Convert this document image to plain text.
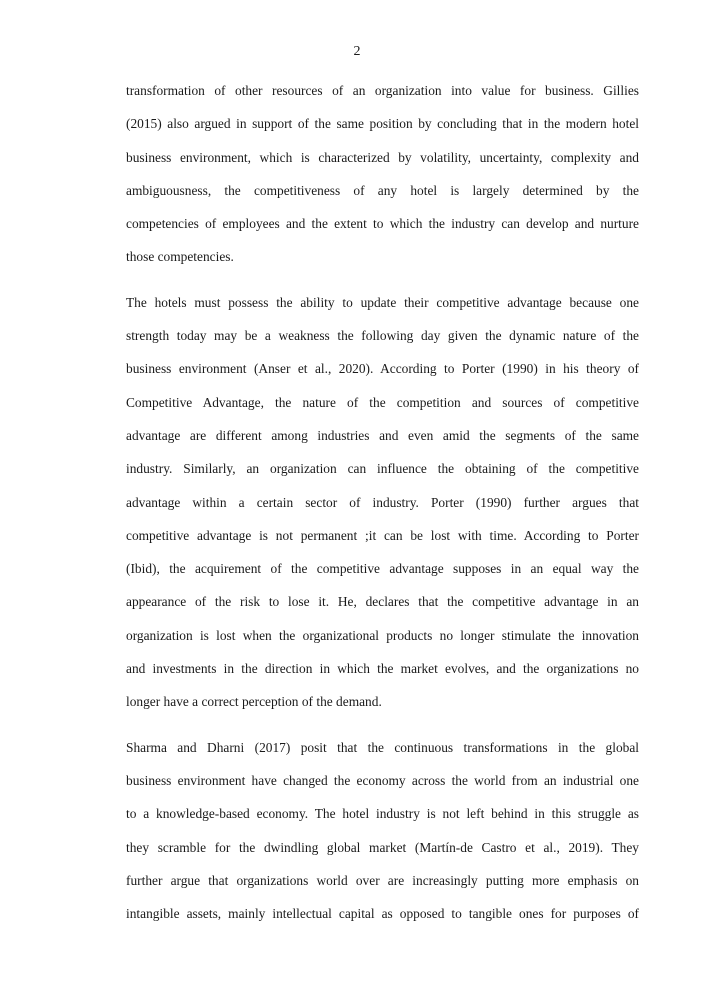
2
transformation of other resources of an organization into value for business. Gillies
(2015) also argued in support of the same position by concluding that in the modern hotel
business environment, which is characterized by volatility, uncertainty, complexity and
ambiguousness, the competitiveness of any hotel is largely determined by the
competencies of employees and the extent to which the industry can develop and nurture
those competencies.
The hotels must possess the ability to update their competitive advantage because one
strength today may be a weakness the following day given the dynamic nature of the
business environment (Anser et al., 2020). According to Porter (1990) in his theory of
Competitive Advantage, the nature of the competition and sources of competitive
advantage are different among industries and even amid the segments of the same
industry. Similarly, an organization can influence the obtaining of the competitive
advantage within a certain sector of industry. Porter (1990) further argues that
competitive advantage is not permanent ;it can be lost with time. According to Porter
(Ibid), the acquirement of the competitive advantage supposes in an equal way the
appearance of the risk to lose it. He, declares that the competitive advantage in an
organization is lost when the organizational products no longer stimulate the innovation
and investments in the direction in which the market evolves, and the organizations no
longer have a correct perception of the demand.
Sharma and Dharni (2017) posit that the continuous transformations in the global
business environment have changed the economy across the world from an industrial one
to a knowledge-based economy. The hotel industry is not left behind in this struggle as
they scramble for the dwindling global market (Martín-de Castro et al., 2019). They
further argue that organizations world over are increasingly putting more emphasis on
intangible assets, mainly intellectual capital as opposed to tangible ones for purposes of
